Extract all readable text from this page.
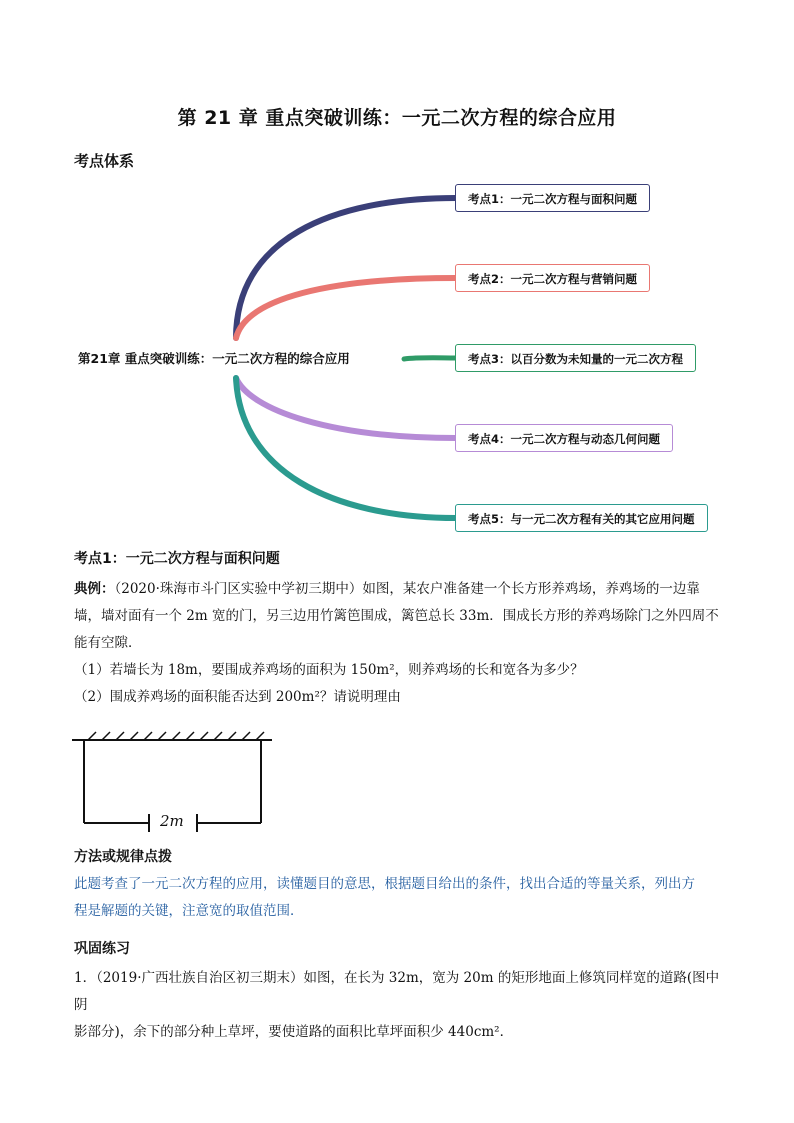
第 21 章 重点突破训练：一元二次方程的综合应用
考点体系
第21章 重点突破训练：一元二次方程的综合应用
考点1：一元二次方程与面积问题
考点2：一元二次方程与营销问题
考点3：以百分数为未知量的一元二次方程
考点4：一元二次方程与动态几何问题
考点5：与一元二次方程有关的其它应用问题
考点1：一元二次方程与面积问题
典例：（2020·珠海市斗门区实验中学初三期中）如图，某农户准备建一个长方形养鸡场，养鸡场的一边靠
墙，墙对面有一个 2m 宽的门，另三边用竹篱笆围成，篱笆总长 33m．围成长方形的养鸡场除门之外四周不
能有空隙．
（1）若墙长为 18m，要围成养鸡场的面积为 150m²，则养鸡场的长和宽各为多少？
（2）围成养鸡场的面积能否达到 200m²？请说明理由
2m
方法或规律点拨
此题考查了一元二次方程的应用，读懂题目的意思，根据题目给出的条件，找出合适的等量关系，列出方
程是解题的关键，注意宽的取值范围．
巩固练习
1．（2019·广西壮族自治区初三期末）如图，在长为 32m，宽为 20m 的矩形地面上修筑同样宽的道路(图中阴
影部分)，余下的部分种上草坪，要使道路的面积比草坪面积少 440cm²．
